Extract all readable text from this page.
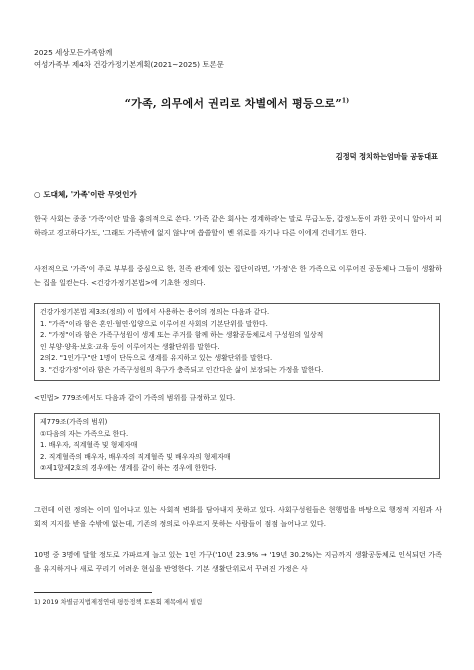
2025 세상모든가족함께
여성가족부 제4차 건강가정기본계획(2021~2025) 토론문
“가족, 의무에서 권리로 차별에서 평등으로”$^{1)}$
김정덕 정치하는엄마들 공동대표
○ 도대체, '가족'이란 무엇인가
한국 사회는 종종 '가족'이란 말을 흉의적으로 쓴다. '가족 같은 회사는 경계하라'는 말로 무급노동, 갑정노동이 과한 곳이니 알아서 피하라고 경고하다가도, '그래도 가족밖에 없지 않냐'며 씁쓸할이 벤 위로를 자기나 다른 이에게 건네기도 한다.
사전적으로 '가족'이 주로 부부를 중심으로 한, 친족 관계에 있는 집단이라면, '가정'은 한 가족으로 이루어진 공동체나 그들이 생활하는 집을 일컫는다. <건강가정기본법>에 기초한 정의다.
건강가정기본법 제3조(정의) 이 법에서 사용하는 용어의 정의는 다음과 같다.
1. "가족"이라 함은 혼인·혈연·입양으로 이루어진 사회의 기본단위를 말한다.
2. "가정"이라 함은 가족구성원이 생계 또는 주거를 함께 하는 생활공동체로서 구성원의 일상적
인 부양·양육·보호·교육 등이 이루어지는 생활단위를 말한다.
2의2. "1인가구"란 1명이 단독으로 생계를 유지하고 있는 생활단위를 말한다.
3. "건강가정"이라 함은 가족구성원의 욕구가 충족되고 인간다운 삶이 보장되는 가정을 말한다.
<민법> 779조에서도 다음과 같이 가족의 범위를 규정하고 있다.
제779조(가족의 범위)
①다음의 자는 가족으로 한다.
1. 배우자, 직계혈족 및 형제자매
2. 직계혈족의 배우자, 배우자의 직계혈족 및 배우자의 형제자매
②제1항제2호의 경우에는 생계를 같이 하는 경우에 한한다.
그런데 이런 정의는 이미 일어나고 있는 사회적 변화를 담아내지 못하고 있다. 사회구성원들은 현행법을 바탕으로 행정적 지원과 사회적 지지를 받을 수밖에 없는데, 기존의 정의로 아우르지 못하는 사람들이 점점 늘어나고 있다.
10명 중 3명에 달할 정도로 가파르게 늘고 있는 1인 가구('10년 23.9% → '19년 30.2%)는 지금까지 생활공동체로 인식되던 가족을 유지하거나 새로 꾸리기 어려운 현실을 반영한다. 기본 생활단위로서 꾸려진 가정은 사
1) 2019 차별금지법제정연대 평등정책 토론회 제목에서 빌림
